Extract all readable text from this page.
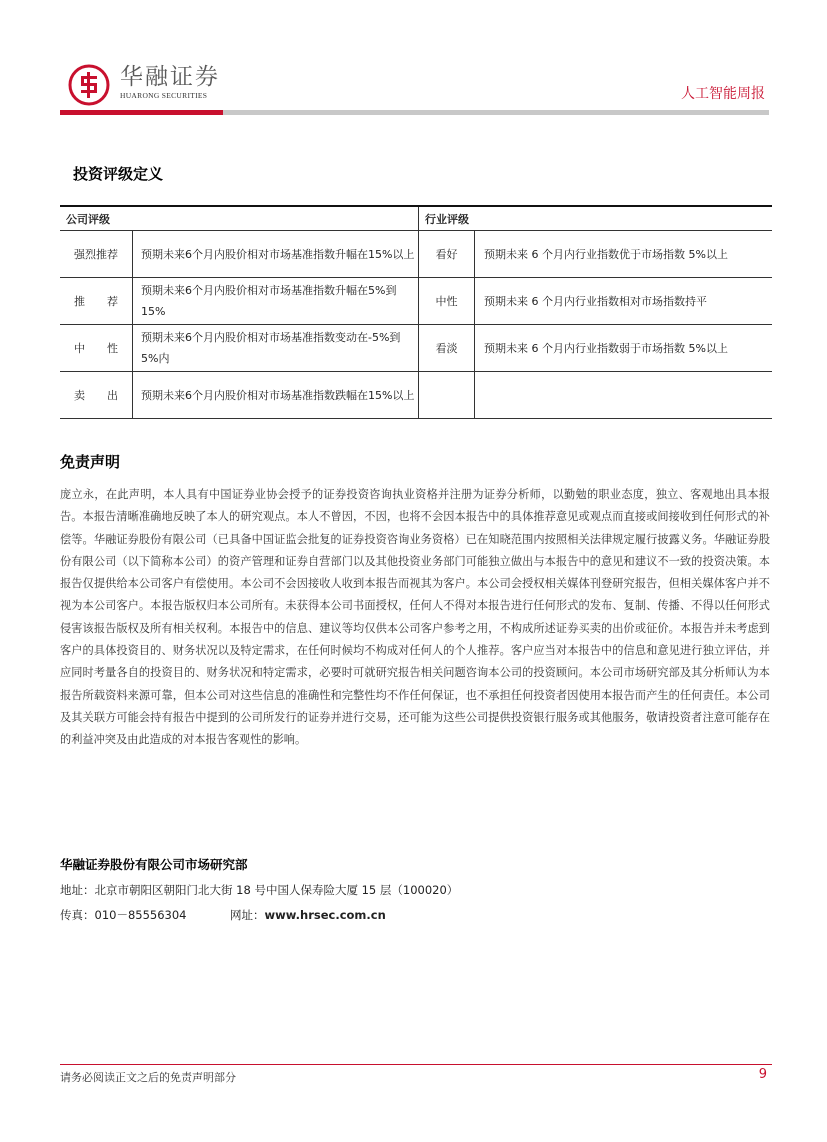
华融证券
HUARONG SECURITIES	人工智能周报
投资评级定义
公司评级		行业评级	
强烈推荐	预期未来6个月内股价相对市场基准指数升幅在15%以上	看好	预期未来 6 个月内行业指数优于市场指数 5%以上
推　　荐	预期未来6个月内股价相对市场基准指数升幅在5%到 15%	中性	预期未来 6 个月内行业指数相对市场指数持平
中　　性	预期未来6个月内股价相对市场基准指数变动在-5%到 5%内	看淡	预期未来 6 个月内行业指数弱于市场指数 5%以上
卖　　出	预期未来6个月内股价相对市场基准指数跌幅在15%以上		
免责声明
庞立永，在此声明，本人具有中国证券业协会授予的证券投资咨询执业资格并注册为证券分析师，以勤勉的职业态度，独立、客观地出具本报告。本报告清晰准确地反映了本人的研究观点。本人不曾因，不因，也将不会因本报告中的具体推荐意见或观点而直接或间接收到任何形式的补偿等。华融证券股份有限公司（已具备中国证监会批复的证券投资咨询业务资格）已在知晓范围内按照相关法律规定履行披露义务。华融证券股份有限公司（以下简称本公司）的资产管理和证券自营部门以及其他投资业务部门可能独立做出与本报告中的意见和建议不一致的投资决策。本报告仅提供给本公司客户有偿使用。本公司不会因接收人收到本报告而视其为客户。本公司会授权相关媒体刊登研究报告，但相关媒体客户并不视为本公司客户。本报告版权归本公司所有。未获得本公司书面授权，任何人不得对本报告进行任何形式的发布、复制、传播、不得以任何形式侵害该报告版权及所有相关权利。本报告中的信息、建议等均仅供本公司客户参考之用，不构成所述证券买卖的出价或征价。本报告并未考虑到客户的具体投资目的、财务状况以及特定需求，在任何时候均不构成对任何人的个人推荐。客户应当对本报告中的信息和意见进行独立评估，并应同时考量各自的投资目的、财务状况和特定需求，必要时可就研究报告相关问题咨询本公司的投资顾问。本公司市场研究部及其分析师认为本报告所载资料来源可靠，但本公司对这些信息的准确性和完整性均不作任何保证，也不承担任何投资者因使用本报告而产生的任何责任。本公司及其关联方可能会持有报告中提到的公司所发行的证券并进行交易，还可能为这些公司提供投资银行服务或其他服务，敬请投资者注意可能存在的利益冲突及由此造成的对本报告客观性的影响。
华融证券股份有限公司市场研究部
地址：北京市朝阳区朝阳门北大街 18 号中国人保寿险大厦 15 层（100020）
传真：010－85556304	网址：www.hrsec.com.cn
请务必阅读正文之后的免责声明部分	9
